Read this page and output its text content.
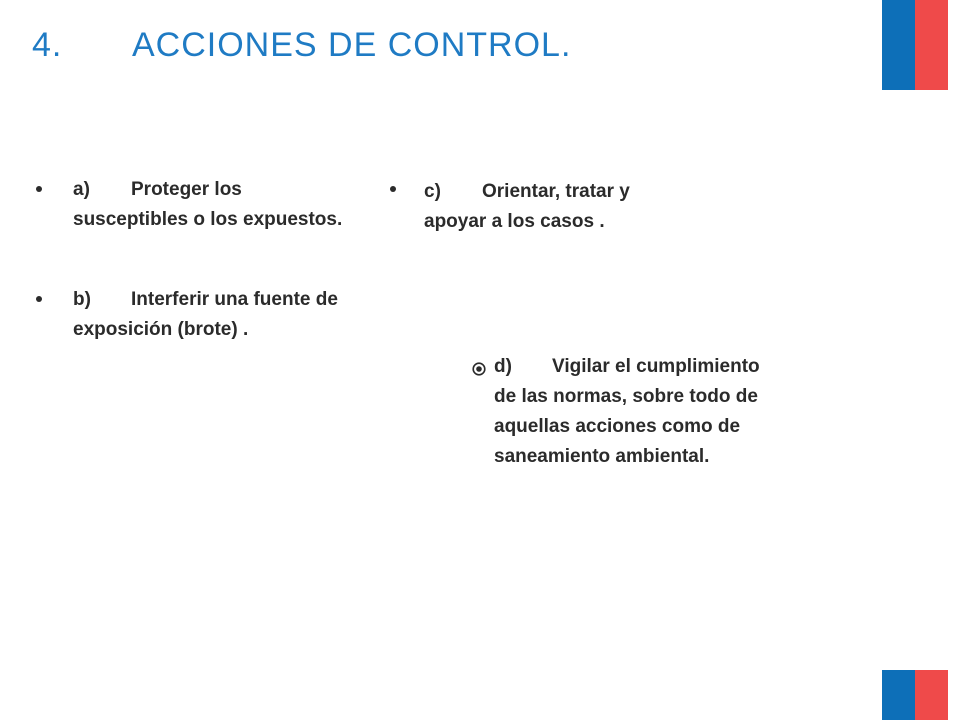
4. ACCIONES DE CONTROL.
a) Proteger los
susceptibles o los expuestos.
b) Interferir una fuente de
exposición (brote) .
c) Orientar, tratar y
apoyar a los casos .
d) Vigilar el cumplimiento
de las normas, sobre todo de
aquellas acciones como de
saneamiento ambiental.
